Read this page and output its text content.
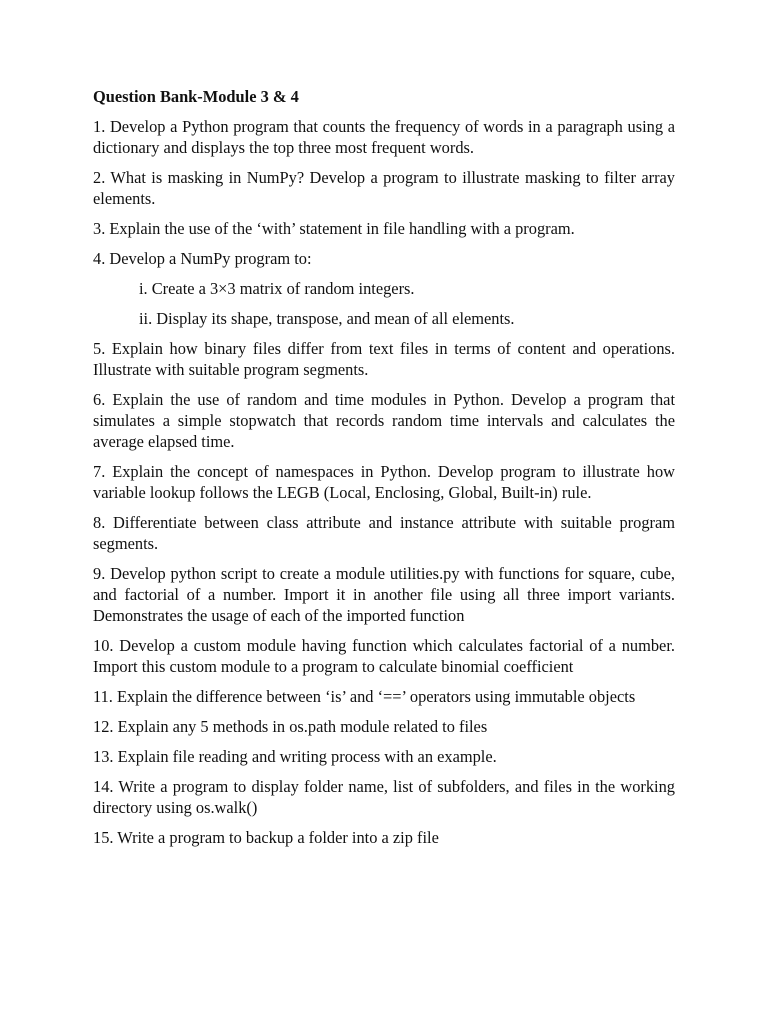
Question Bank-Module 3 & 4
1. Develop a Python program that counts the frequency of words in a paragraph using a dictionary and displays the top three most frequent words.
2. What is masking in NumPy? Develop a program to illustrate masking to filter array elements.
3. Explain the use of the ‘with’ statement in file handling with a program.
4. Develop a NumPy program to:
i. Create a 3×3 matrix of random integers.
ii. Display its shape, transpose, and mean of all elements.
5. Explain how binary files differ from text files in terms of content and operations. Illustrate with suitable program segments.
6. Explain the use of random and time modules in Python. Develop a program that simulates a simple stopwatch that records random time intervals and calculates the average elapsed time.
7. Explain the concept of namespaces in Python. Develop program to illustrate how variable lookup follows the LEGB (Local, Enclosing, Global, Built-in) rule.
8. Differentiate between class attribute and instance attribute with suitable program segments.
9. Develop python script to create a module utilities.py with functions for square, cube, and factorial of a number. Import it in another file using all three import variants. Demonstrates the usage of each of the imported function
10. Develop a custom module having function which calculates factorial of a number. Import this custom module to a program to calculate binomial coefficient
11. Explain the difference between ‘is’ and ‘==’ operators using immutable objects
12. Explain any 5 methods in os.path module related to files
13. Explain file reading and writing process with an example.
14. Write a program to display folder name, list of subfolders, and files in the working directory using os.walk()
15. Write a program to backup a folder into a zip file
